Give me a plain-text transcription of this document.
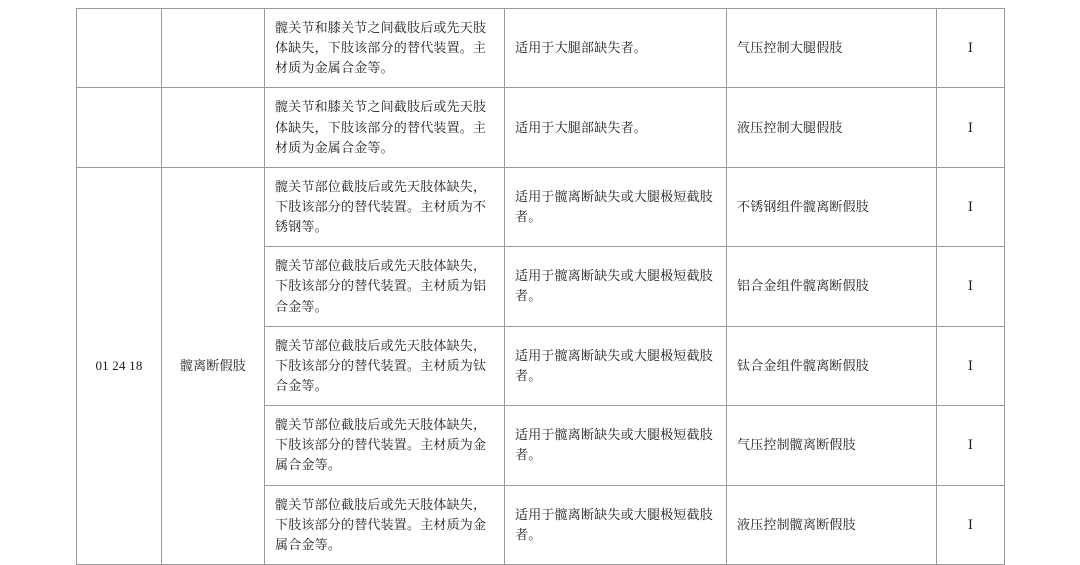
		髋关节和膝关节之间截肢后或先天肢体缺失，下肢该部分的替代装置。主材质为金属合金等。	适用于大腿部缺失者。	气压控制大腿假肢	Ⅰ
		髋关节和膝关节之间截肢后或先天肢体缺失，下肢该部分的替代装置。主材质为金属合金等。	适用于大腿部缺失者。	液压控制大腿假肢	Ⅰ
01 24 18	髋离断假肢	髋关节部位截肢后或先天肢体缺失，下肢该部分的替代装置。主材质为不锈钢等。	适用于髋离断缺失或大腿极短截肢者。	不锈钢组件髋离断假肢	Ⅰ
		髋关节部位截肢后或先天肢体缺失，下肢该部分的替代装置。主材质为铝合金等。	适用于髋离断缺失或大腿极短截肢者。	铝合金组件髋离断假肢	Ⅰ
		髋关节部位截肢后或先天肢体缺失，下肢该部分的替代装置。主材质为钛合金等。	适用于髋离断缺失或大腿极短截肢者。	钛合金组件髋离断假肢	Ⅰ
		髋关节部位截肢后或先天肢体缺失，下肢该部分的替代装置。主材质为金属合金等。	适用于髋离断缺失或大腿极短截肢者。	气压控制髋离断假肢	Ⅰ
		髋关节部位截肢后或先天肢体缺失，下肢该部分的替代装置。主材质为金属合金等。	适用于髋离断缺失或大腿极短截肢者。	液压控制髋离断假肢	Ⅰ
